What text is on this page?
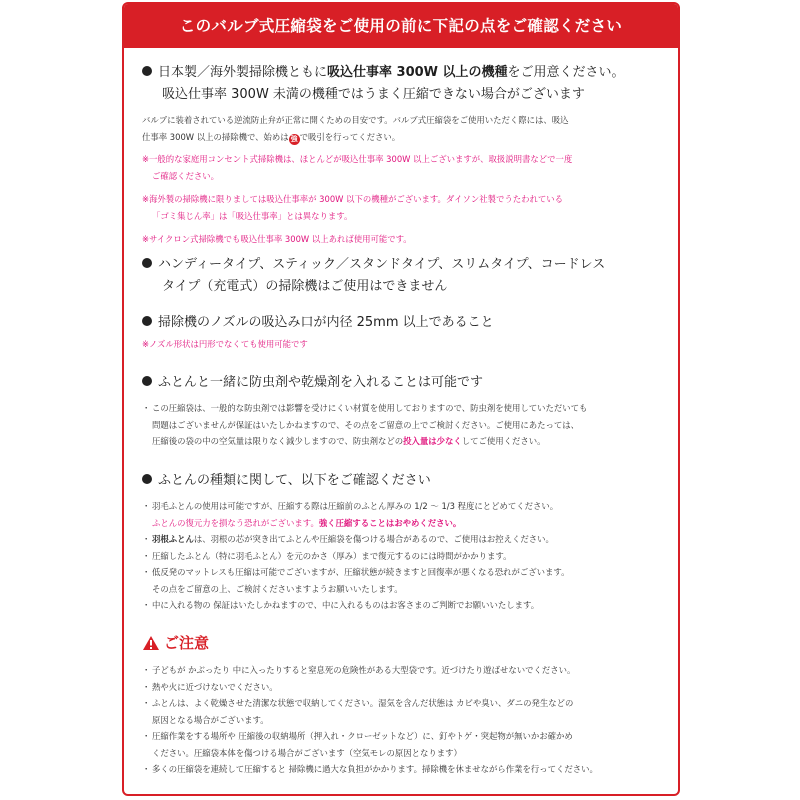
このバルブ式圧縮袋をご使用の前に下記の点をご確認ください
日本製／海外製掃除機ともに吸込仕事率 300W 以上の機種をご用意ください。
吸込仕事率 300W 未満の機種ではうまく圧縮できない場合がございます
バルブに装着されている逆流防止弁が正常に開くための目安です。バルブ式圧縮袋をご使用いただく際には、吸込
仕事率 300W 以上の掃除機で、始めは 強 で吸引を行ってください。
※一般的な家庭用コンセント式掃除機は、ほとんどが吸込仕事率 300W 以上ございますが、取扱説明書などで一度
ご確認ください。
※海外製の掃除機に限りましては吸込仕事率が 300W 以下の機種がございます。ダイソン社製でうたわれている
「ゴミ集じん率」は「吸込仕事率」とは異なります。
※サイクロン式掃除機でも吸込仕事率 300W 以上あれば使用可能です。
ハンディータイプ、スティック／スタンドタイプ、スリムタイプ、コードレス
タイプ（充電式）の掃除機はご使用はできません
掃除機のノズルの吸込み口が内径 25mm 以上であること
※ノズル形状は円形でなくても使用可能です
ふとんと一緒に防虫剤や乾燥剤を入れることは可能です
・ この圧縮袋は、一般的な防虫剤では影響を受けにくい材質を使用しておりますので、防虫剤を使用していただいても
問題はございませんが保証はいたしかねますので、その点をご留意の上でご検討ください。ご使用にあたっては、
圧縮後の袋の中の空気量は限りなく減少しますので、防虫剤などの投入量は少なくしてご使用ください。
ふとんの種類に関して、以下をご確認ください
・ 羽毛ふとんの使用は可能ですが、圧縮する際は圧縮前のふとん厚みの 1/2 〜 1/3 程度にとどめてください。
ふとんの復元力を損なう恐れがございます。強く圧縮することはおやめください。
・ 羽根ふとんは、羽根の芯が突き出てふとんや圧縮袋を傷つける場合があるので、ご使用はお控えください。
・ 圧縮したふとん（特に羽毛ふとん）を元のかさ（厚み）まで復元するのには時間がかかります。
・ 低反発のマットレスも圧縮は可能でございますが、圧縮状態が続きますと回復率が悪くなる恐れがございます。
その点をご留意の上、ご検討くださいますようお願いいたします。
・ 中に入れる物の 保証はいたしかねますので、中に入れるものはお客さまのご判断でお願いいたします。
ご注意
・ 子どもが かぶったり 中に入ったりすると窒息死の危険性がある大型袋です。近づけたり遊ばせないでください。
・ 熱や火に近づけないでください。
・ ふとんは、よく乾燥させた清潔な状態で収納してください。湿気を含んだ状態は カビや臭い、ダニの発生などの
原因となる場合がございます。
・ 圧縮作業をする場所や 圧縮後の収納場所（押入れ・クローゼットなど）に、釘やトゲ・突起物が無いかお確かめ
ください。圧縮袋本体を傷つける場合がございます（空気モレの原因となります）
・ 多くの圧縮袋を連続して圧縮すると 掃除機に過大な負担がかかります。掃除機を休ませながら作業を行ってください。
